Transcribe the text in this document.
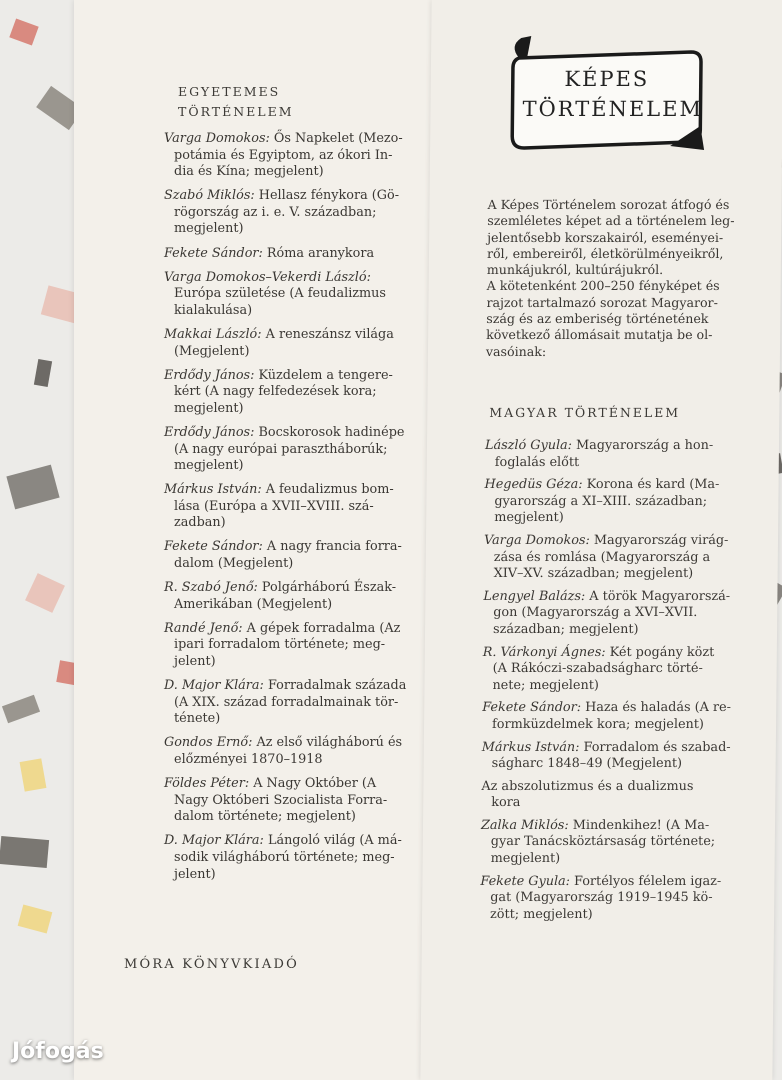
EGYETEMES
TÖRTÉNELEM
Varga Domokos: Ős Napkelet (Mezo-
potámia és Egyiptom, az ókori In-
dia és Kína; megjelent)
Szabó Miklós: Hellasz fénykora (Gö-
rögország az i. e. V. században;
megjelent)
Fekete Sándor: Róma aranykora
Varga Domokos–Vekerdi László:
Európa születése (A feudalizmus
kialakulása)
Makkai László: A reneszánsz világa
(Megjelent)
Erdődy János: Küzdelem a tengere-
kért (A nagy felfedezések kora;
megjelent)
Erdődy János: Bocskorosok hadinépe
(A nagy európai parasztháborúk;
megjelent)
Márkus István: A feudalizmus bom-
lása (Európa a XVII–XVIII. szá-
zadban)
Fekete Sándor: A nagy francia forra-
dalom (Megjelent)
R. Szabó Jenő: Polgárháború Észak-
Amerikában (Megjelent)
Randé Jenő: A gépek forradalma (Az
ipari forradalom története; meg-
jelent)
D. Major Klára: Forradalmak százada
(A XIX. század forradalmainak tör-
ténete)
Gondos Ernő: Az első világháború és
előzményei 1870–1918
Földes Péter: A Nagy Október (A
Nagy Októberi Szocialista Forra-
dalom története; megjelent)
D. Major Klára: Lángoló világ (A má-
sodik világháború története; meg-
jelent)
MÓRA KÖNYVKIADÓ
KÉPES
TÖRTÉNELEM
A Képes Történelem sorozat átfogó és
szemléletes képet ad a történelem leg-
jelentősebb korszakairól, eseményei-
ről, embereiről, életkörülményeikről,
munkájukról, kultúrájukról.
A kötetenként 200–250 fényképet és
rajzot tartalmazó sorozat Magyaror-
szág és az emberiség történetének
következő állomásait mutatja be ol-
vasóinak:
MAGYAR TÖRTÉNELEM
László Gyula: Magyarország a hon-
foglalás előtt
Hegedüs Géza: Korona és kard (Ma-
gyarország a XI–XIII. században;
megjelent)
Varga Domokos: Magyarország virág-
zása és romlása (Magyarország a
XIV–XV. században; megjelent)
Lengyel Balázs: A török Magyarorszá-
gon (Magyarország a XVI–XVII.
században; megjelent)
R. Várkonyi Ágnes: Két pogány közt
(A Rákóczi-szabadságharc törté-
nete; megjelent)
Fekete Sándor: Haza és haladás (A re-
formküzdelmek kora; megjelent)
Márkus István: Forradalom és szabad-
ságharc 1848–49 (Megjelent)
Az abszolutizmus és a dualizmus
kora
Zalka Miklós: Mindenkihez! (A Ma-
gyar Tanácsköztársaság története;
megjelent)
Fekete Gyula: Fortélyos félelem igaz-
gat (Magyarország 1919–1945 kö-
zött; megjelent)
Jófogás
